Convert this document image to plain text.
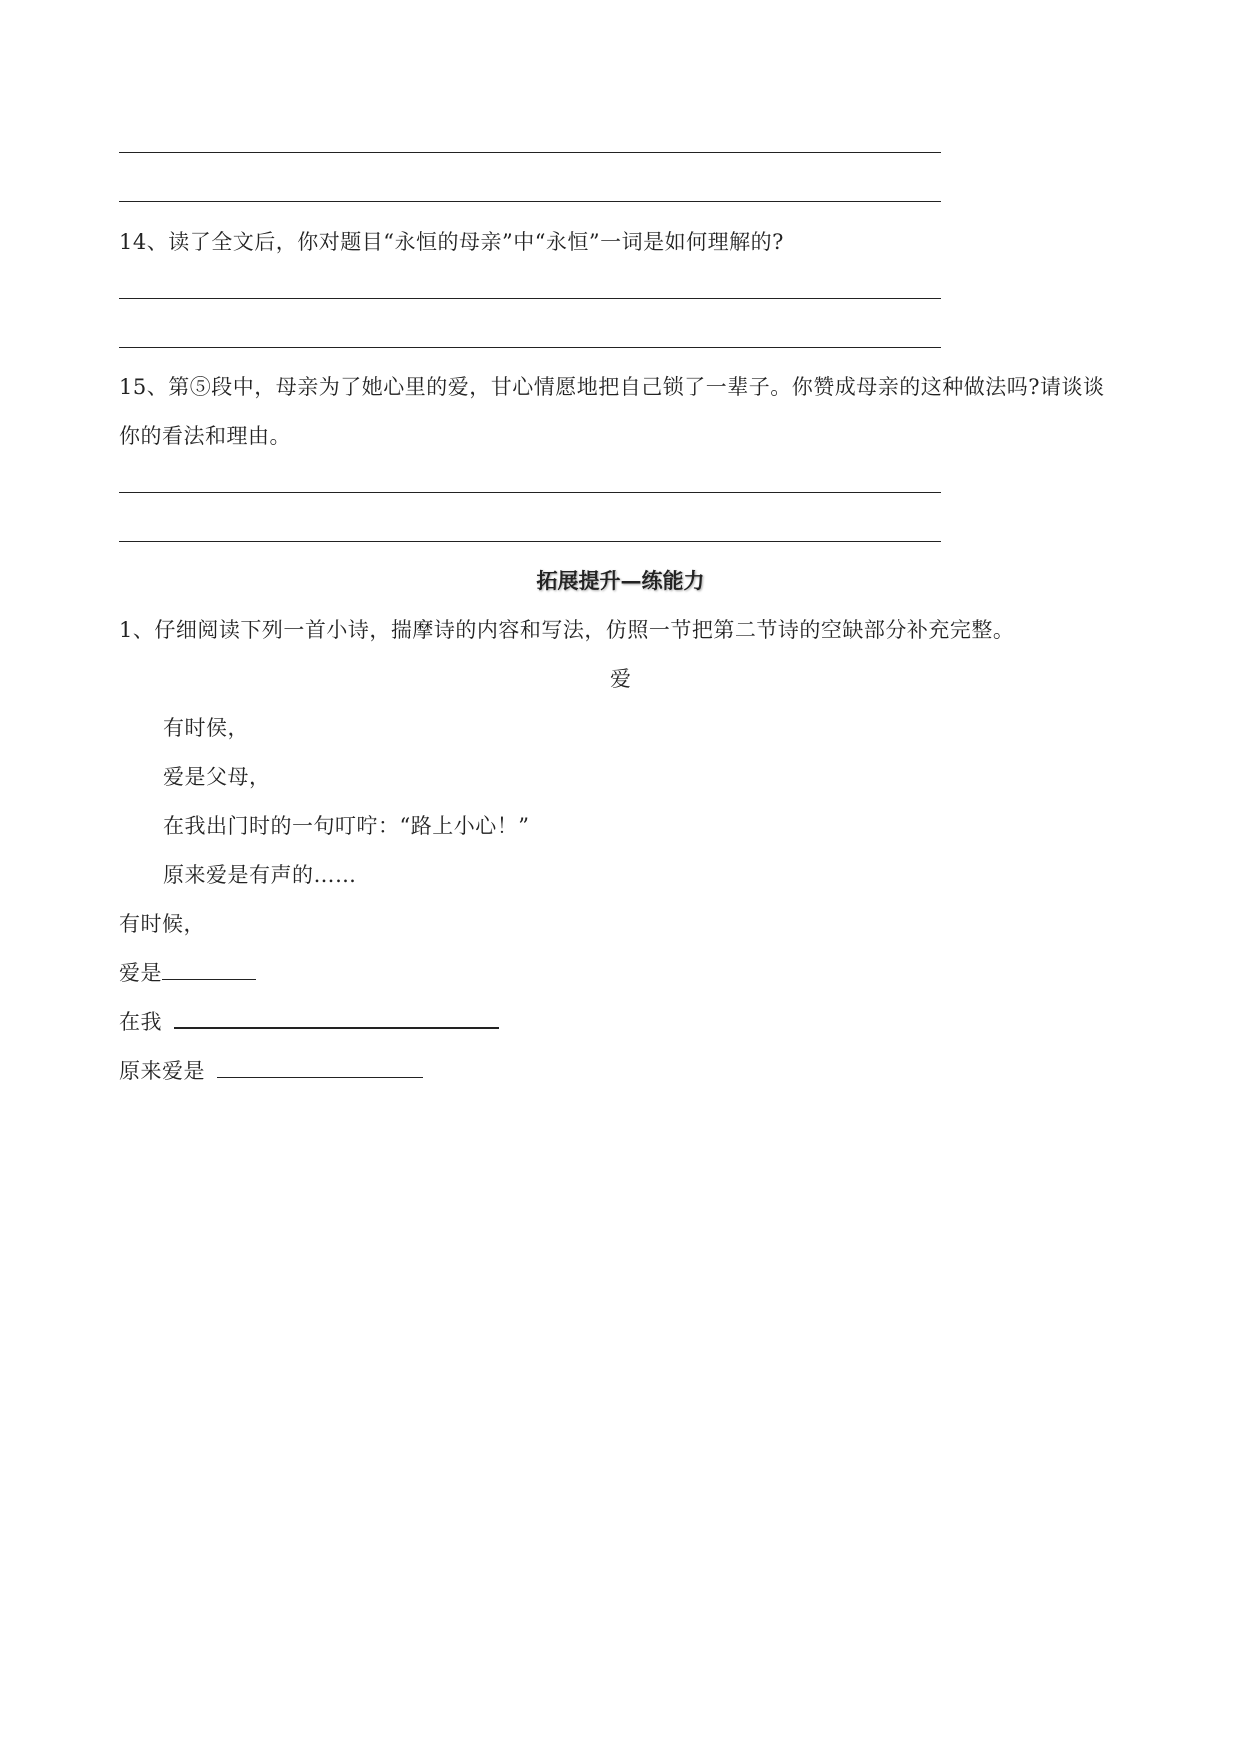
14、读了全文后，你对题目“永恒的母亲”中“永恒”一词是如何理解的?
15、第⑤段中，母亲为了她心里的爱，甘心情愿地把自己锁了一辈子。你赞成母亲的这种做法吗?请谈谈
你的看法和理由。
拓展提升—练能力
1、仔细阅读下列一首小诗，揣摩诗的内容和写法，仿照一节把第二节诗的空缺部分补充完整。
爱
有时侯，
爱是父母，
在我出门时的一句叮咛：“路上小心！”
原来爱是有声的……
有时候，
爱是
在我
原来爱是
